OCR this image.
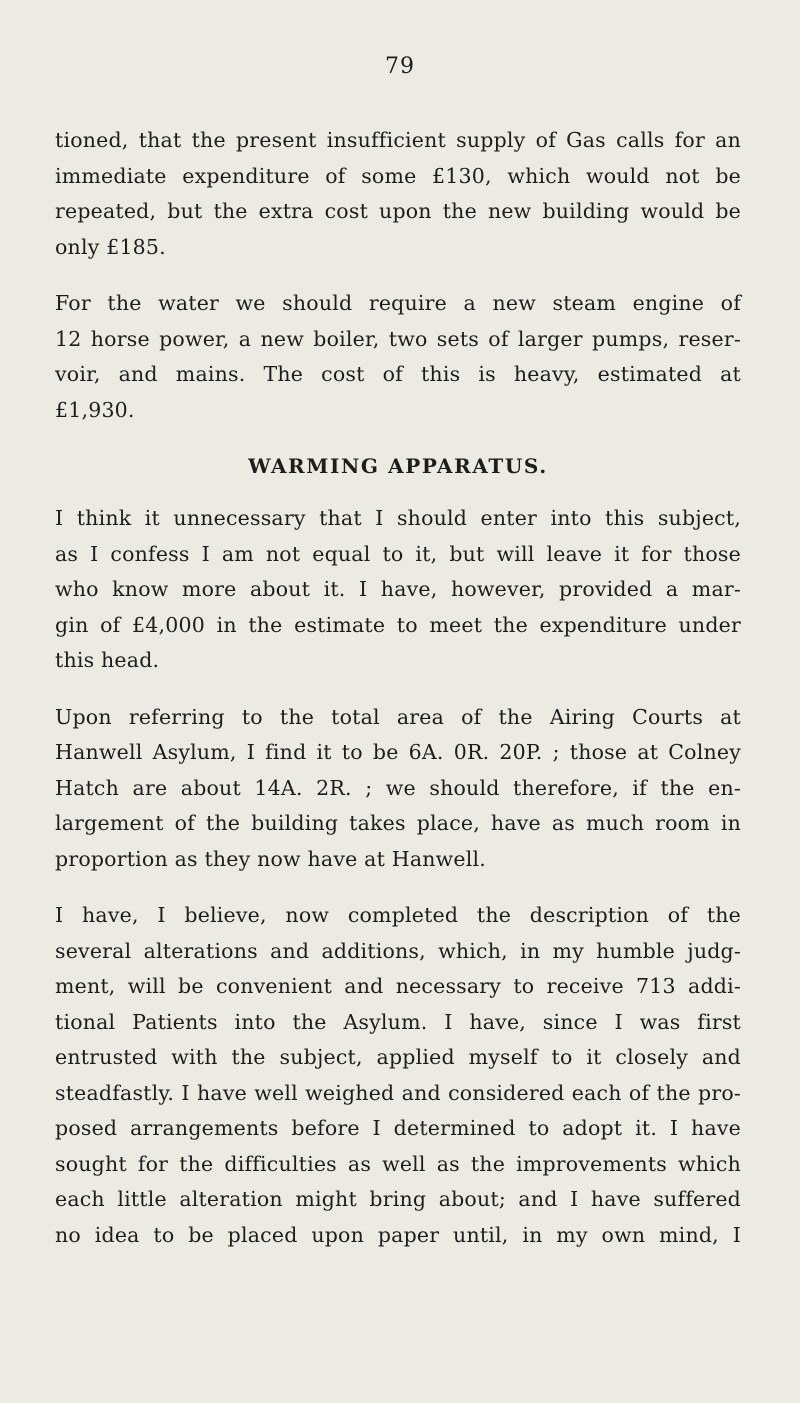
79
tioned, that the present insufficient supply of Gas calls for an
immediate expenditure of some £130, which would not be
repeated, but the extra cost upon the new building would be
only £185.
For the water we should require a new steam engine of
12 horse power, a new boiler, two sets of larger pumps, reser-
voir, and mains. The cost of this is heavy, estimated at
£1,930.
WARMING APPARATUS.
I think it unnecessary that I should enter into this subject,
as I confess I am not equal to it, but will leave it for those
who know more about it. I have, however, provided a mar-
gin of £4,000 in the estimate to meet the expenditure under
this head.
Upon referring to the total area of the Airing Courts at
Hanwell Asylum, I find it to be 6A. 0R. 20P. ; those at Colney
Hatch are about 14A. 2R. ; we should therefore, if the en-
largement of the building takes place, have as much room in
proportion as they now have at Hanwell.
I have, I believe, now completed the description of the
several alterations and additions, which, in my humble judg-
ment, will be convenient and necessary to receive 713 addi-
tional Patients into the Asylum. I have, since I was first
entrusted with the subject, applied myself to it closely and
steadfastly. I have well weighed and considered each of the pro-
posed arrangements before I determined to adopt it. I have
sought for the difficulties as well as the improvements which
each little alteration might bring about; and I have suffered
no idea to be placed upon paper until, in my own mind, I
